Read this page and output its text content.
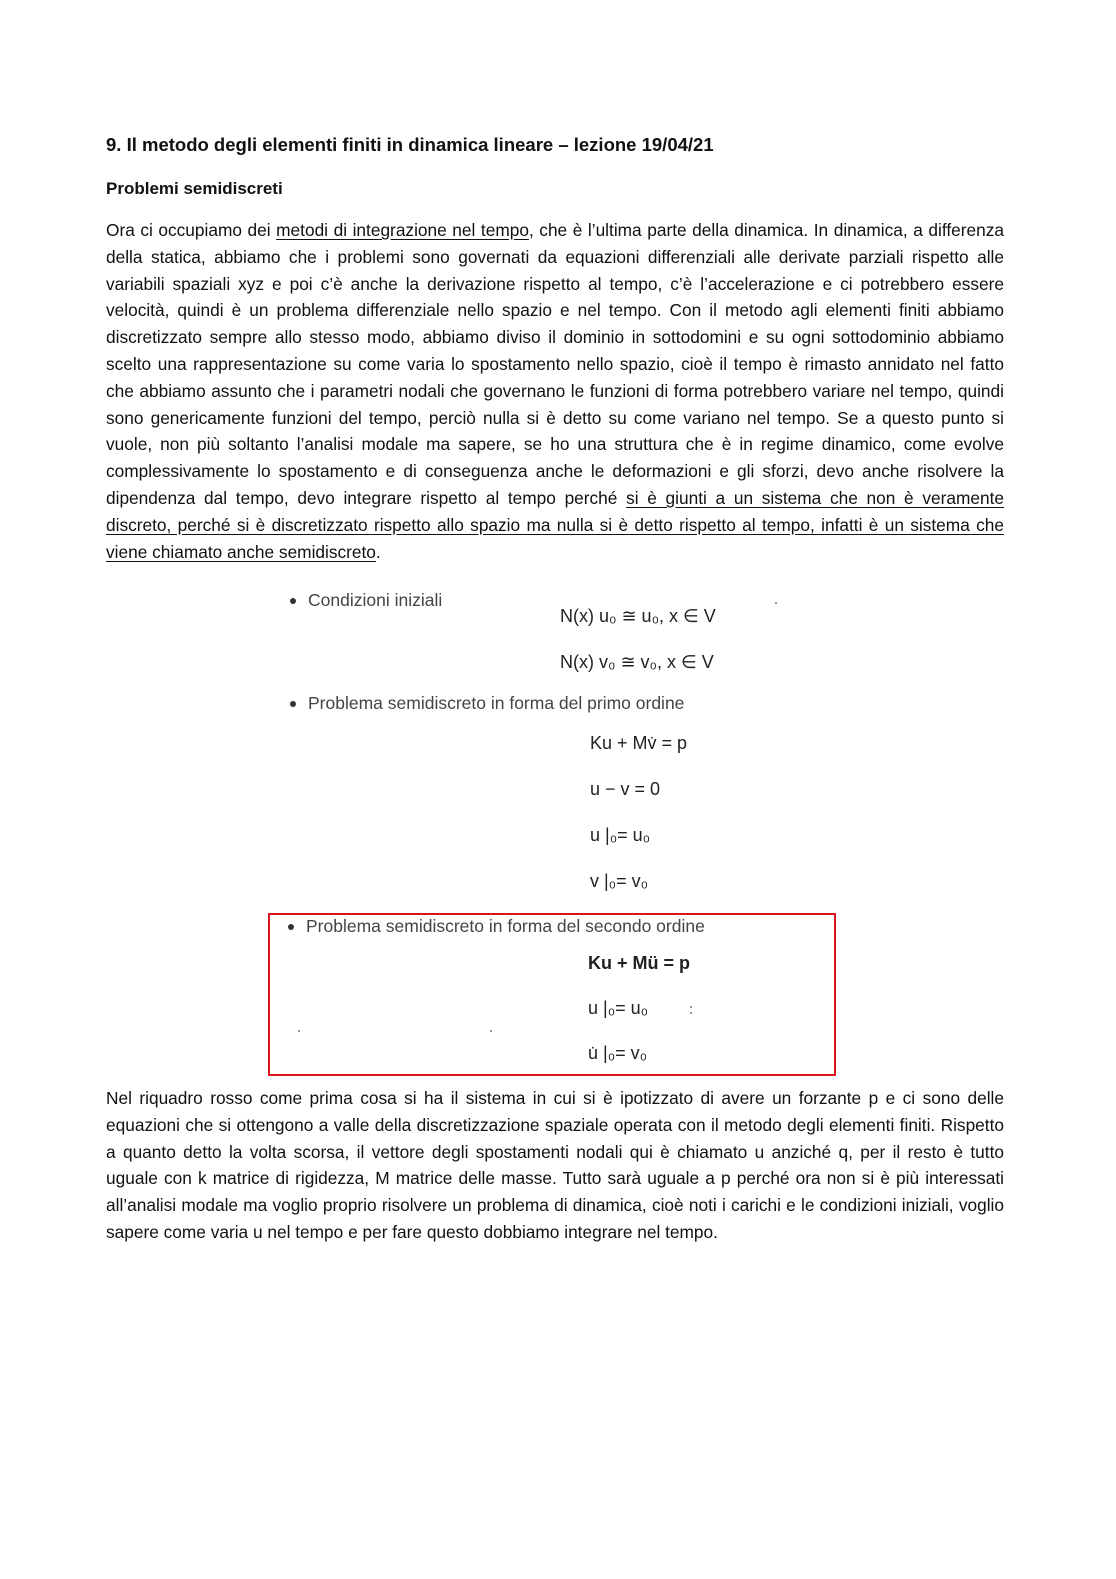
9. Il metodo degli elementi finiti in dinamica lineare – lezione 19/04/21
Problemi semidiscreti

Ora ci occupiamo dei metodi di integrazione nel tempo, che è l’ultima parte della dinamica. In dinamica, a differenza della statica, abbiamo che i problemi sono governati da equazioni differenziali alle derivate parziali rispetto alle variabili spaziali xyz e poi c’è anche la derivazione rispetto al tempo, c’è l’accelerazione e ci potrebbero essere velocità, quindi è un problema differenziale nello spazio e nel tempo. Con il metodo agli elementi finiti abbiamo discretizzato sempre allo stesso modo, abbiamo diviso il dominio in sottodomini e su ogni sottodominio abbiamo scelto una rappresentazione su come varia lo spostamento nello spazio, cioè il tempo è rimasto annidato nel fatto che abbiamo assunto che i parametri nodali che governano le funzioni di forma potrebbero variare nel tempo, quindi sono genericamente funzioni del tempo, perciò nulla si è detto su come variano nel tempo. Se a questo punto si vuole, non più soltanto l’analisi modale ma sapere, se ho una struttura che è in regime dinamico, come evolve complessivamente lo spostamento e di conseguenza anche le deformazioni e gli sforzi, devo anche risolvere la dipendenza dal tempo, devo integrare rispetto al tempo perché si è giunti a un sistema che non è veramente discreto, perché si è discretizzato rispetto allo spazio ma nulla si è detto rispetto al tempo, infatti è un sistema che viene chiamato anche semidiscreto.

Condizioni iniziali
N(x) u₀ ≅ u₀, x ∈ V
N(x) v₀ ≅ v₀, x ∈ V
Problema semidiscreto in forma del primo ordine
Ku + Mv̇ = p
u − v = 0
u |₀= u₀
v |₀= v₀
Problema semidiscreto in forma del secondo ordine
Ku + Mü = p
u |₀= u₀
u̇ |₀= v₀

Nel riquadro rosso come prima cosa si ha il sistema in cui si è ipotizzato di avere un forzante p e ci sono delle equazioni che si ottengono a valle della discretizzazione spaziale operata con il metodo degli elementi finiti. Rispetto a quanto detto la volta scorsa, il vettore degli spostamenti nodali qui è chiamato u anziché q, per il resto è tutto uguale con k matrice di rigidezza, M matrice delle masse. Tutto sarà uguale a p perché ora non si è più interessati all’analisi modale ma voglio proprio risolvere un problema di dinamica, cioè noti i carichi e le condizioni iniziali, voglio sapere come varia u nel tempo e per fare questo dobbiamo integrare nel tempo.
